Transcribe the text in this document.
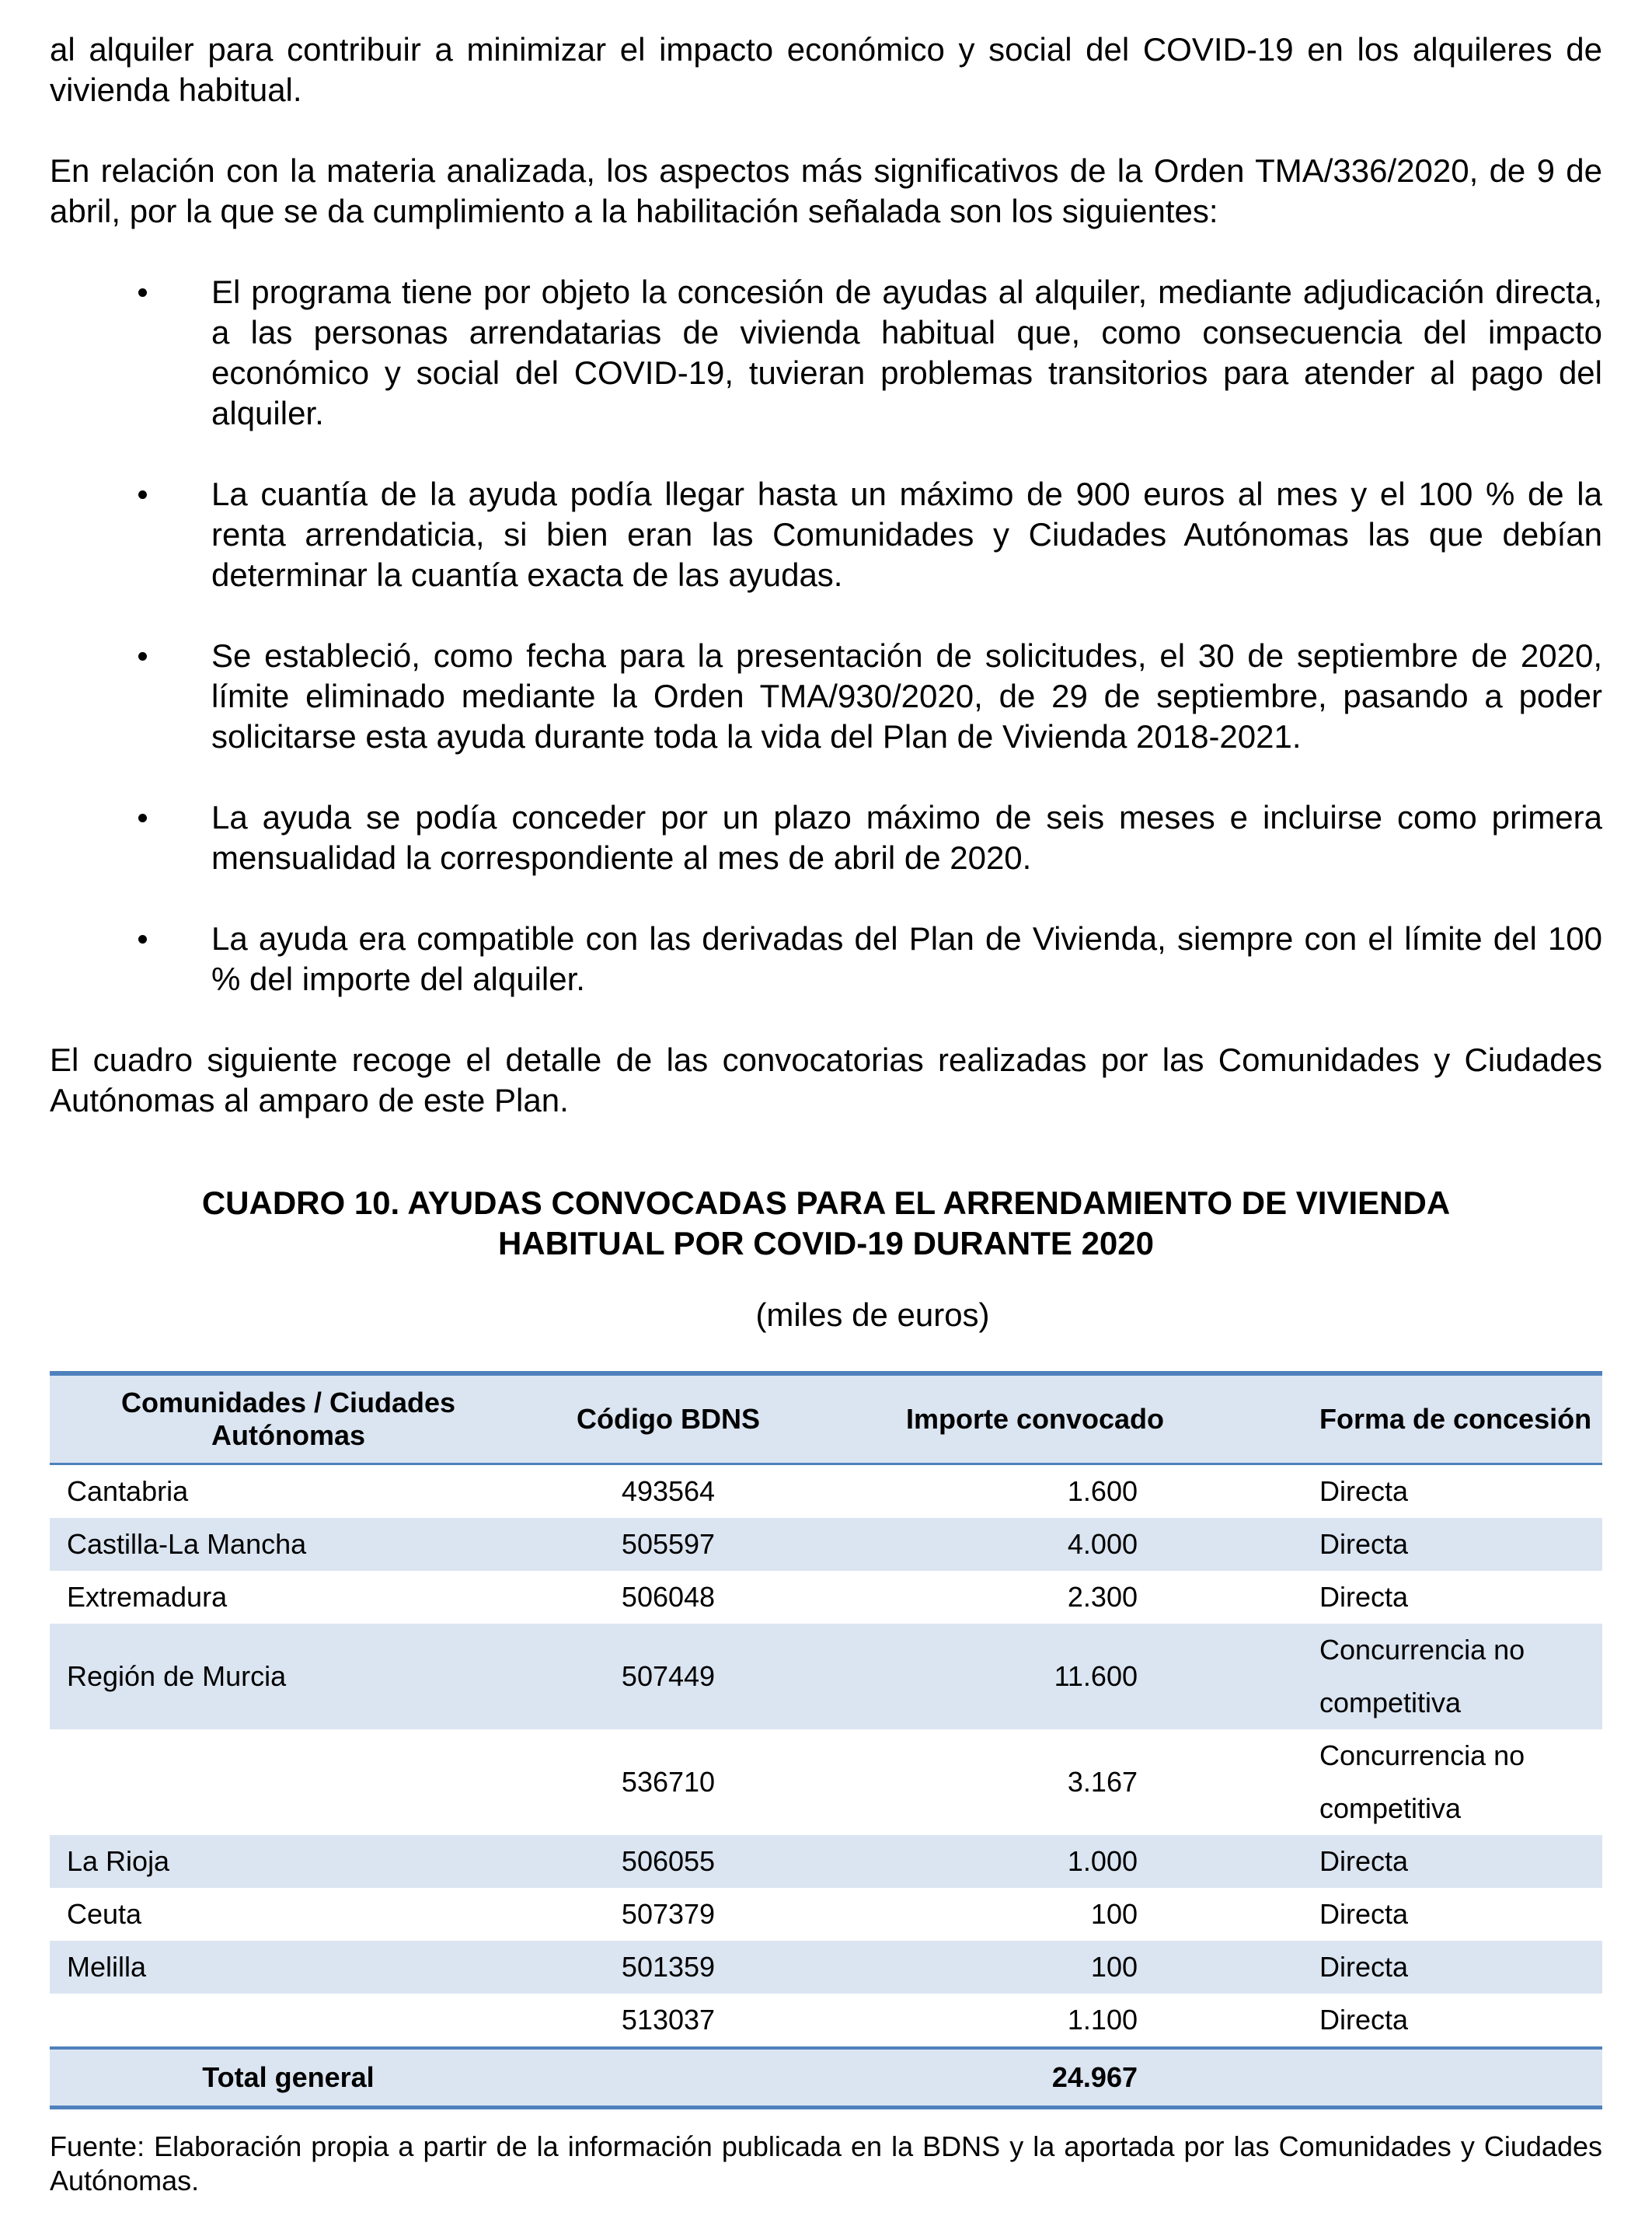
al alquiler para contribuir a minimizar el impacto económico y social del COVID-19 en los alquileres de vivienda habitual.

En relación con la materia analizada, los aspectos más significativos de la Orden TMA/336/2020, de 9 de abril, por la que se da cumplimiento a la habilitación señalada son los siguientes:

El programa tiene por objeto la concesión de ayudas al alquiler, mediante adjudicación directa, a las personas arrendatarias de vivienda habitual que, como consecuencia del impacto económico y social del COVID-19, tuvieran problemas transitorios para atender al pago del alquiler.
La cuantía de la ayuda podía llegar hasta un máximo de 900 euros al mes y el 100 % de la renta arrendaticia, si bien eran las Comunidades y Ciudades Autónomas las que debían determinar la cuantía exacta de las ayudas.
Se estableció, como fecha para la presentación de solicitudes, el 30 de septiembre de 2020, límite eliminado mediante la Orden TMA/930/2020, de 29 de septiembre, pasando a poder solicitarse esta ayuda durante toda la vida del Plan de Vivienda 2018-2021.
La ayuda se podía conceder por un plazo máximo de seis meses e incluirse como primera mensualidad la correspondiente al mes de abril de 2020.
La ayuda era compatible con las derivadas del Plan de Vivienda, siempre con el límite del 100 % del importe del alquiler.

El cuadro siguiente recoge el detalle de las convocatorias realizadas por las Comunidades y Ciudades Autónomas al amparo de este Plan.

CUADRO 10. AYUDAS CONVOCADAS PARA EL ARRENDAMIENTO DE VIVIENDA
HABITUAL POR COVID-19 DURANTE 2020
(miles de euros)
Comunidades / Ciudades Autónomas	Código BDNS	Importe convocado	Forma de concesión
Cantabria	493564	1.600	Directa
Castilla-La Mancha	505597	4.000	Directa
Extremadura	506048	2.300	Directa
Región de Murcia	507449	11.600	Concurrencia no competitiva
	536710	3.167	Concurrencia no competitiva
La Rioja	506055	1.000	Directa
Ceuta	507379	100	Directa
Melilla	501359	100	Directa
	513037	1.100	Directa
Total general		24.967	

Fuente: Elaboración propia a partir de la información publicada en la BDNS y la aportada por las Comunidades y Ciudades Autónomas.
